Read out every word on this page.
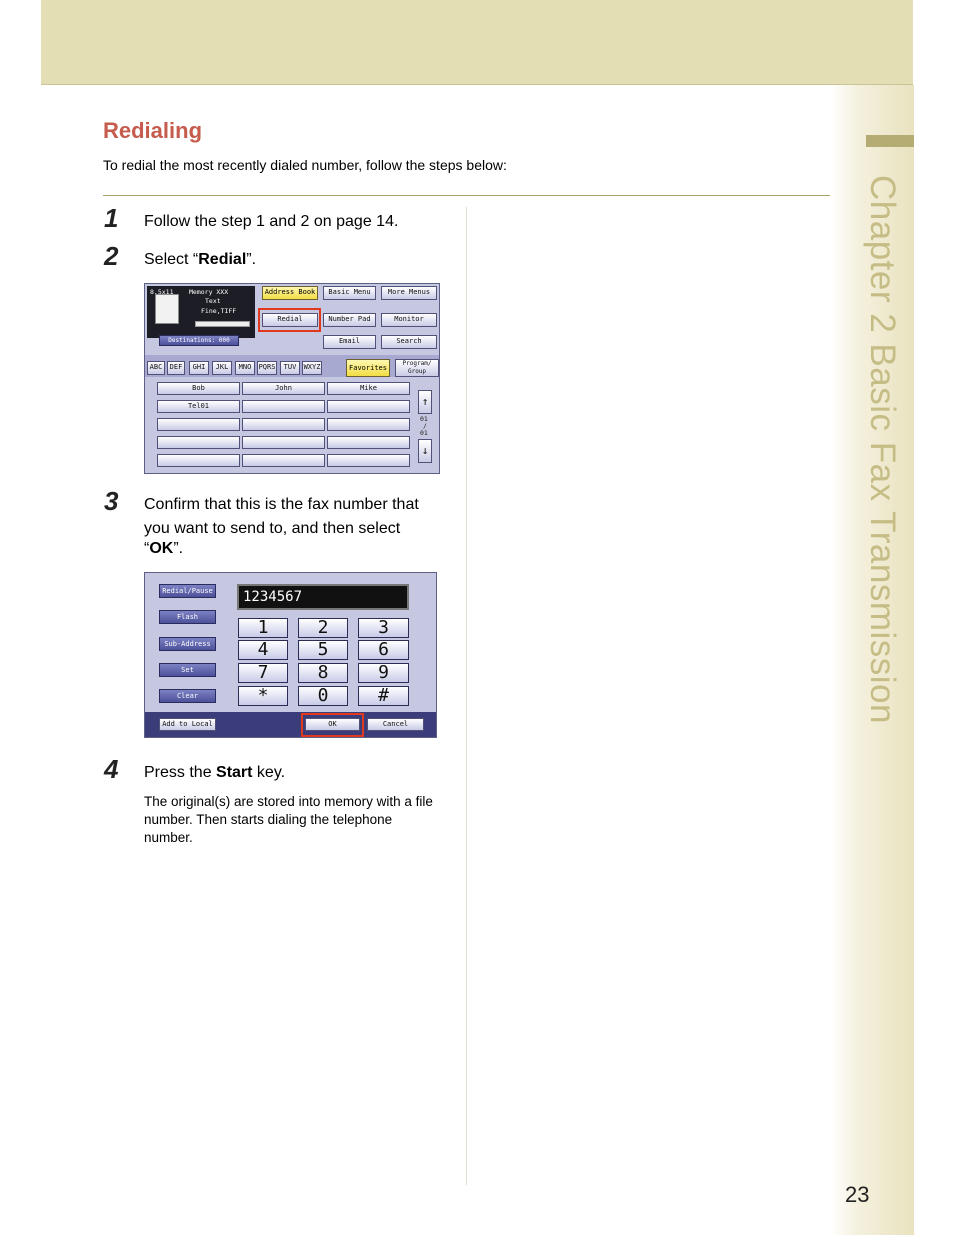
Chapter 2 Basic Fax Transmission
23
Redialing
To redial the most recently dialed number, follow the steps below:
1 Follow the step 1 and 2 on page 14.
2 Select “Redial”.
8.5x11 Memory XXX
Text
Fine,TIFF
Destinations: 000
Address Book	Basic Menu	More Menus
Redial	Number Pad	Monitor
Email	Search
ABC	DEF	GHI	JKL	MNO	PQRS	TUV	WXYZ	Favorites
Program/ Group
Bob	John	Mike
Tel01	↑
01
/
01
↓
3 Confirm that this is the fax number that
you want to send to, and then select
“OK”.
Redial/Pause
Flash
Sub-Address
Set
Clear
1234567
1	2	3
4	5	6
7	8	9
*	0	#
Add to Local	OK	Cancel
4 Press the Start key.
The original(s) are stored into memory with a file number. Then starts dialing the telephone number.
